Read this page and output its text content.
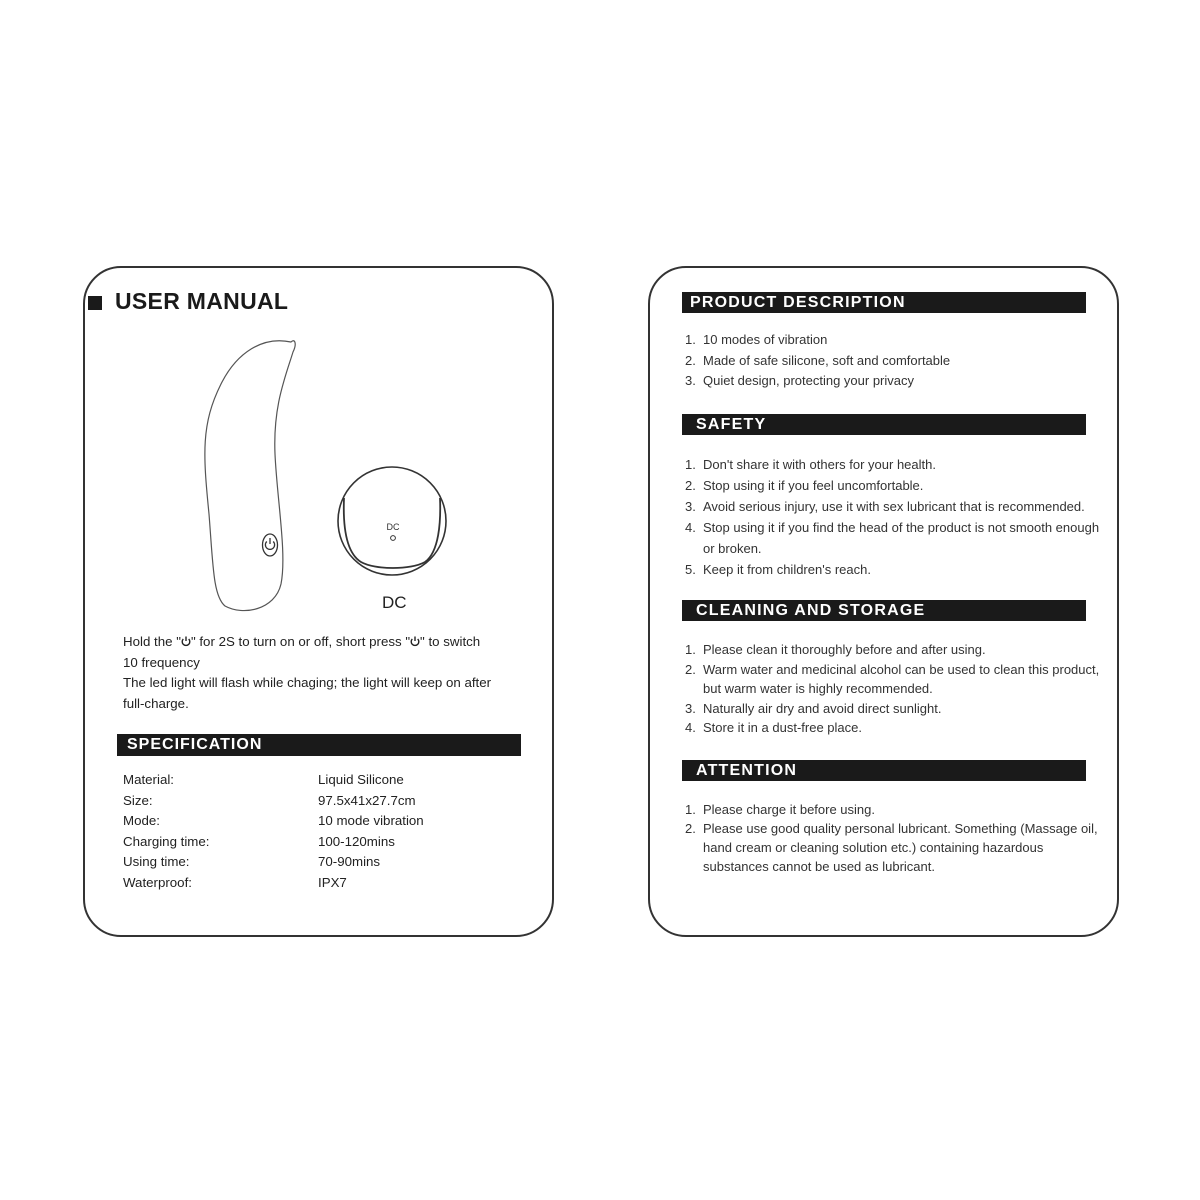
USER MANUAL
DC

DC

Hold the " " for 2S to turn on or off, short press " " to switch
10 frequency
The led light will flash while chaging; the light will keep on after
full-charge.
SPECIFICATION
Material:	Liquid Silicone
Size:	97.5x41x27.7cm
Mode:	10 mode vibration
Charging time:	100-120mins
Using time:	70-90mins
Waterproof:	IPX7
PRODUCT DESCRIPTION
1. 10 modes of vibration
2. Made of safe silicone, soft and comfortable
3. Quiet design, protecting your privacy
SAFETY
1. Don't share it with others for your health.
2. Stop using it if you feel uncomfortable.
3. Avoid serious injury, use it with sex lubricant that is recommended.
4. Stop using it if you find the head of the product is not smooth enough or broken.
5. Keep it from children's reach.
CLEANING AND STORAGE
1. Please clean it thoroughly before and after using.
2. Warm water and medicinal alcohol can be used to clean this product, but warm water is highly recommended.
3. Naturally air dry and avoid direct sunlight.
4. Store it in a dust-free place.
ATTENTION
1. Please charge it before using.
2. Please use good quality personal lubricant. Something (Massage oil, hand cream or cleaning solution etc.) containing hazardous substances cannot be used as lubricant.
